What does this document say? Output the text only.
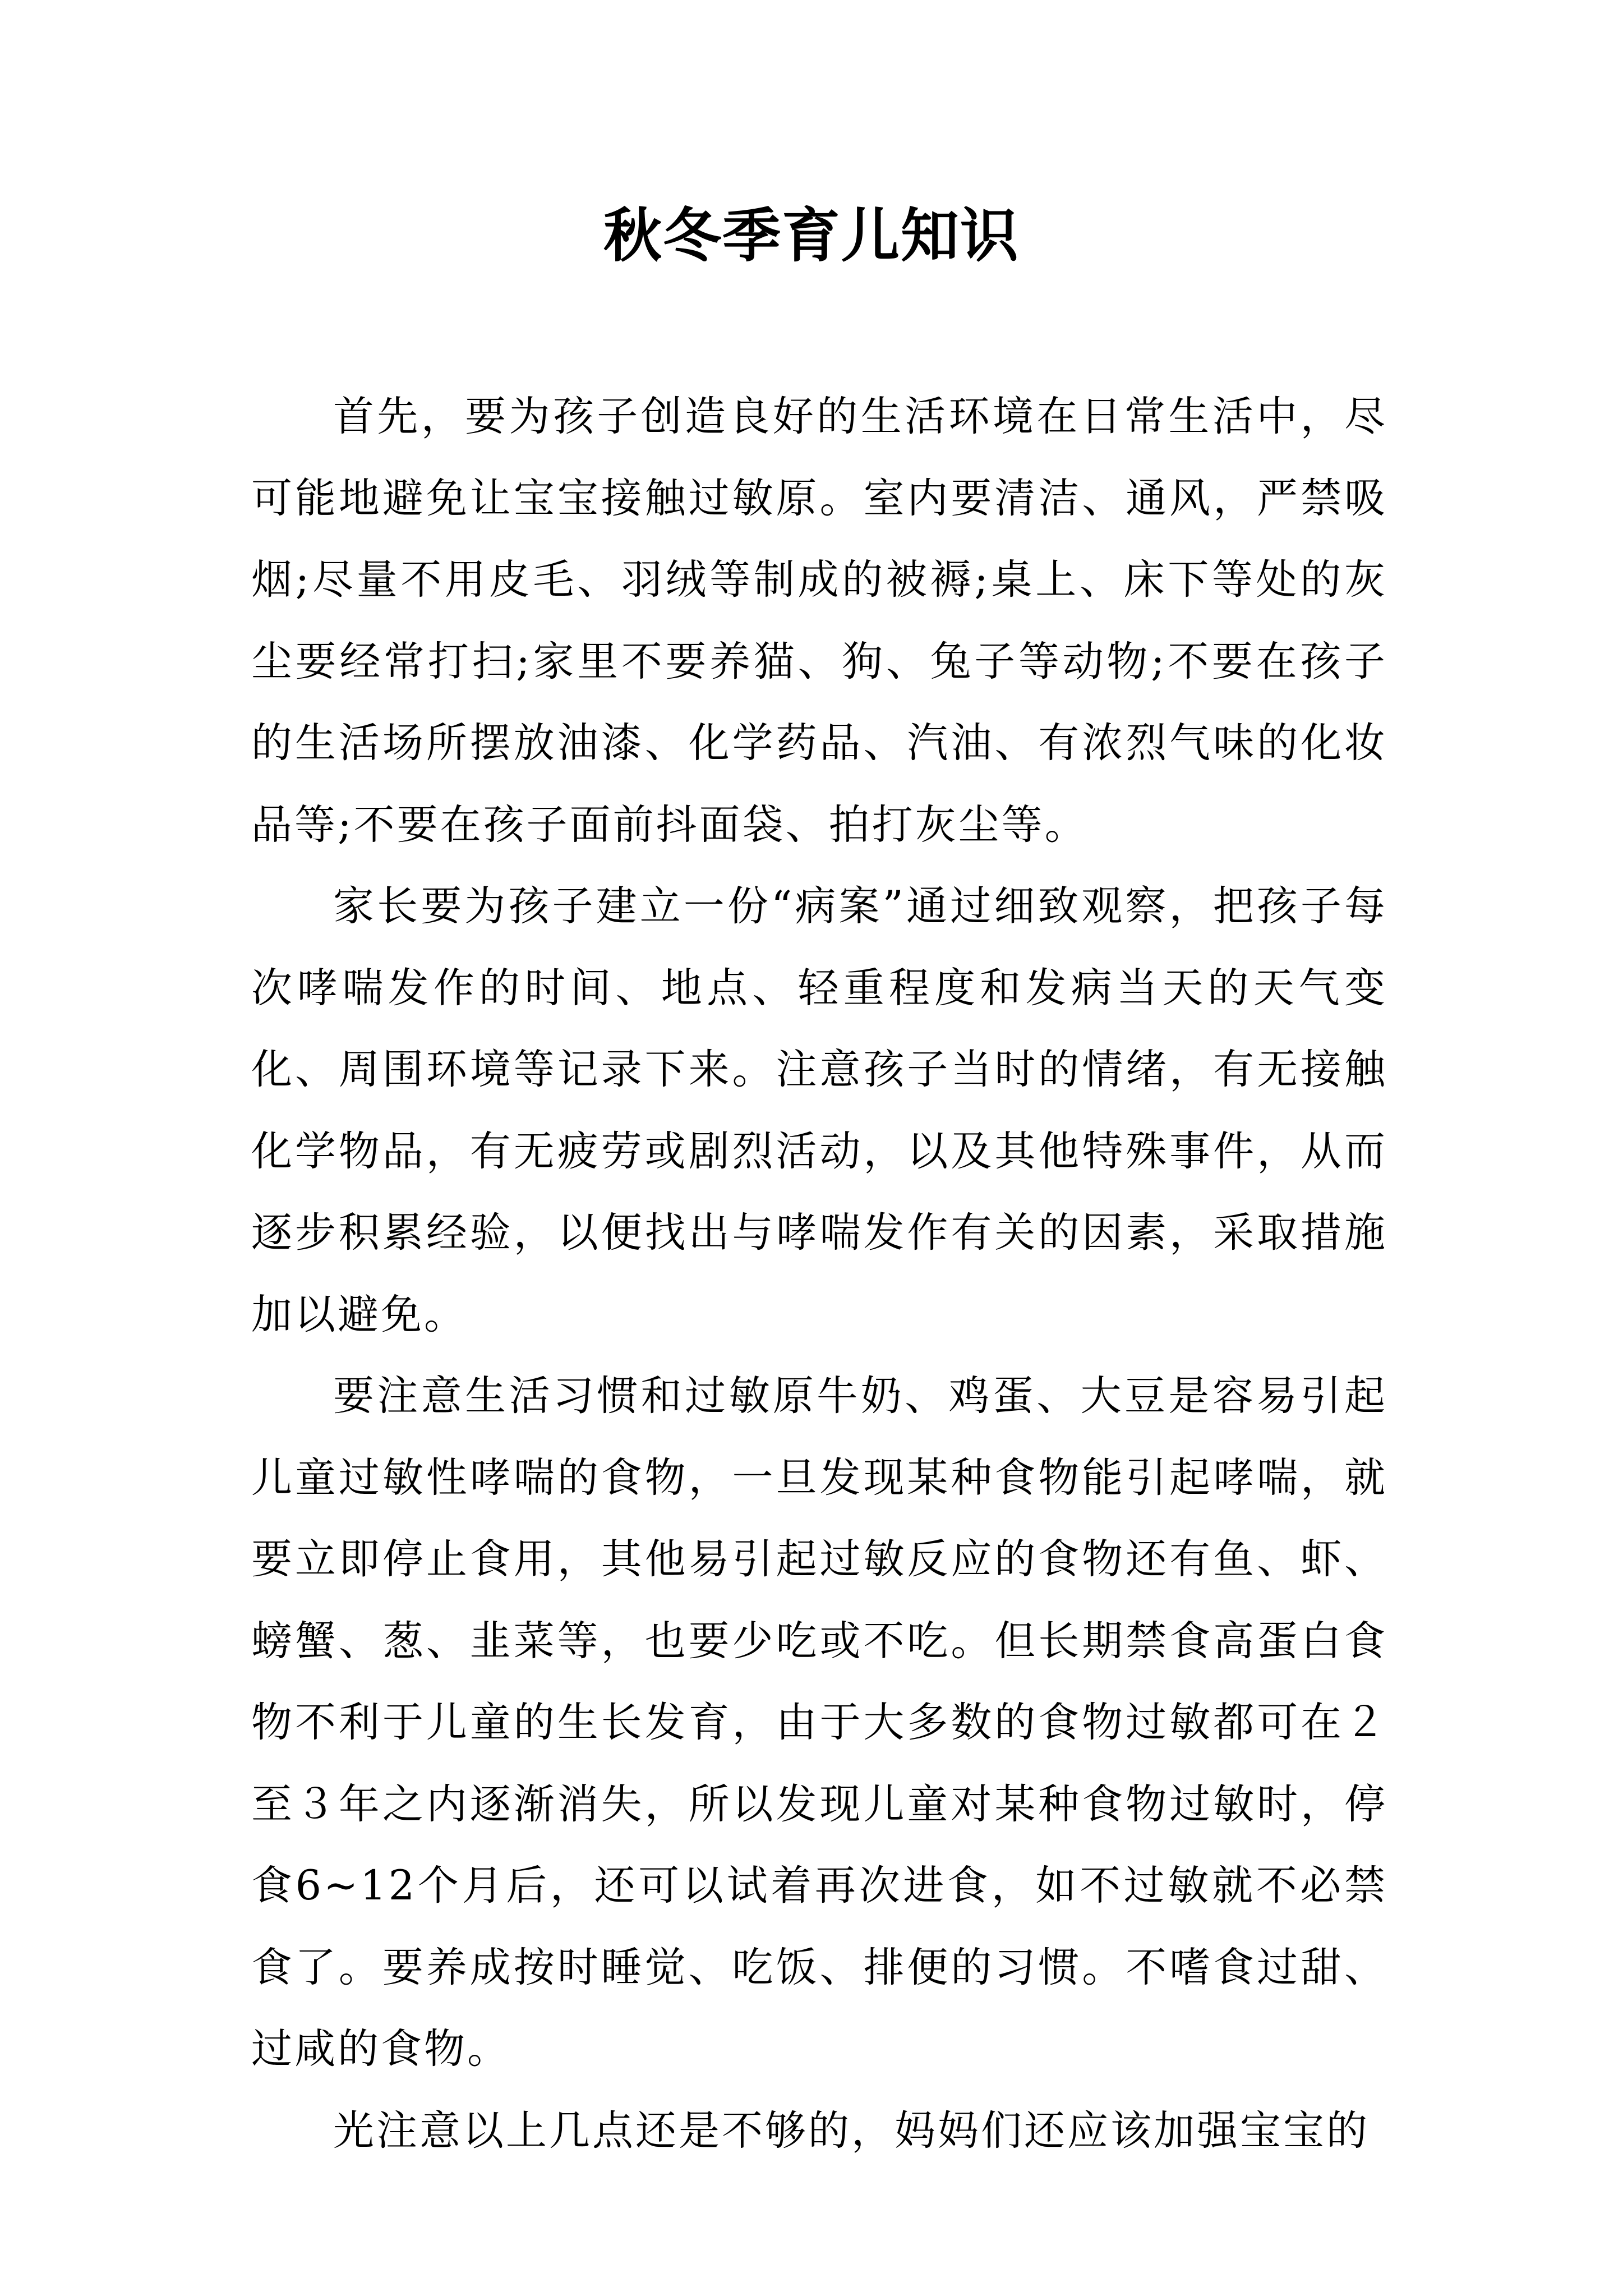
秋冬季育儿知识

首先，要为孩子创造良好的生活环境在日常生活中，尽可能地避免让宝宝接触过敏原。室内要清洁、通风，严禁吸烟;尽量不用皮毛、羽绒等制成的被褥;桌上、床下等处的灰尘要经常打扫;家里不要养猫、狗、兔子等动物;不要在孩子的生活场所摆放油漆、化学药品、汽油、有浓烈气味的化妆品等;不要在孩子面前抖面袋、拍打灰尘等。

家长要为孩子建立一份“病案”通过细致观察，把孩子每次哮喘发作的时间、地点、轻重程度和发病当天的天气变化、周围环境等记录下来。注意孩子当时的情绪，有无接触化学物品，有无疲劳或剧烈活动，以及其他特殊事件，从而逐步积累经验，以便找出与哮喘发作有关的因素，采取措施加以避免。

要注意生活习惯和过敏原牛奶、鸡蛋、大豆是容易引起儿童过敏性哮喘的食物，一旦发现某种食物能引起哮喘，就要立即停止食用，其他易引起过敏反应的食物还有鱼、虾、螃蟹、葱、韭菜等，也要少吃或不吃。但长期禁食高蛋白食物不利于儿童的生长发育，由于大多数的食物过敏都可在２至３年之内逐渐消失，所以发现儿童对某种食物过敏时，停食6~12个月后，还可以试着再次进食，如不过敏就不必禁食了。要养成按时睡觉、吃饭、排便的习惯。不嗜食过甜、过咸的食物。

光注意以上几点还是不够的，妈妈们还应该加强宝宝的
